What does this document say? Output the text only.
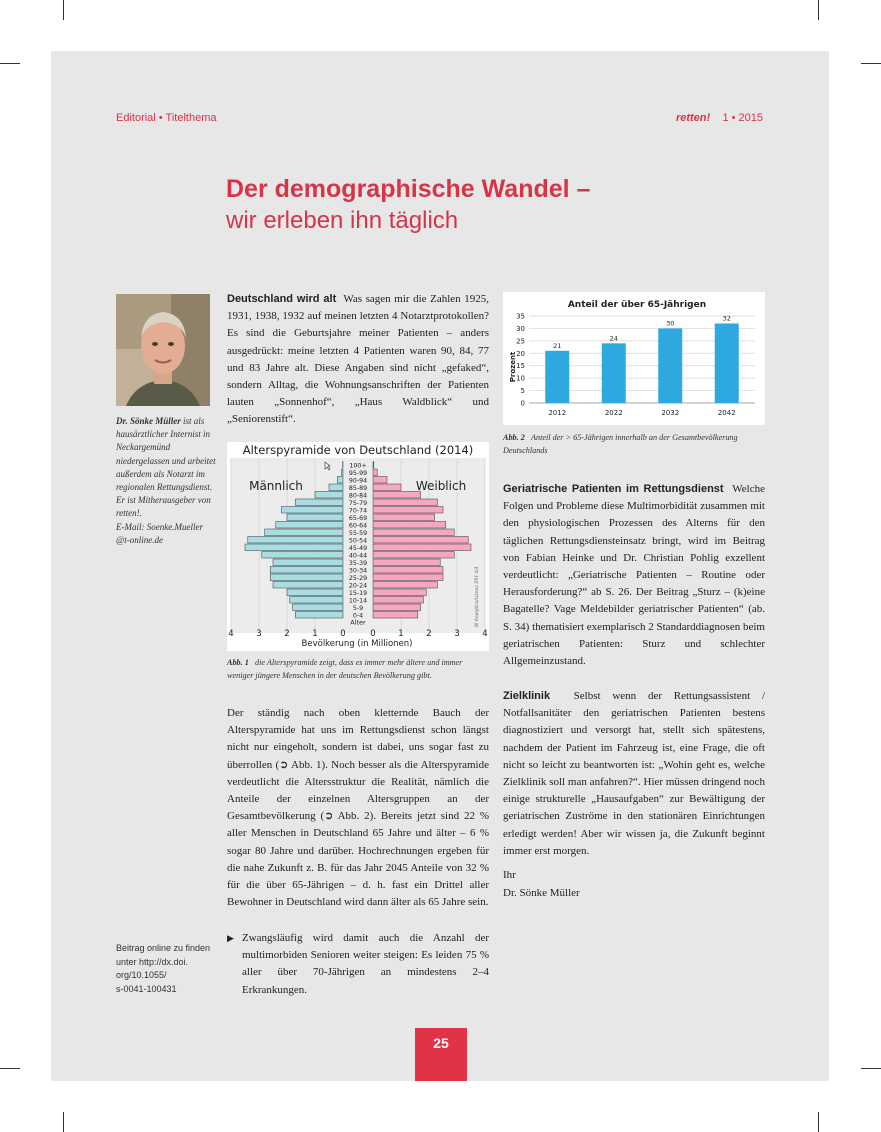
Editorial • Titelthema	retten! 1 • 2015
Der demographische Wandel –
wir erleben ihn täglich
Dr. Sönke Müller ist als hausärztlicher Internist in Neckargemünd niedergelassen und arbeitet außerdem als Notarzt im regionalen Rettungsdienst. Er ist Mitherausgeber von retten!.
E-Mail: Soenke.Mueller
@t-online.de
Beitrag online zu finden
unter http://dx.doi.
org/10.1055/
s-0041-100431
Deutschland wird alt Was sagen mir die Zahlen 1925, 1931, 1938, 1932 auf meinen letzten 4 Notarztprotokollen? Es sind die Geburtsjahre meiner Patienten – anders ausgedrückt: meine letzten 4 Patienten waren 90, 84, 77 und 83 Jahre alt. Diese Angaben sind nicht „gefaked“, sondern Alltag, die Wohnungsanschriften der Patienten lauten „Sonnenhof“, „Haus Waldblick“ und „Seniorenstift“.
Alterspyramide von Deutschland (2014)
Männlich	Weiblich
100+
95-99
90-94
85-89
80-84
75-79
70-74
65-69
60-64
55-59
50-54
45-49
40-44
35-39
30-34
25-29
20-24
15-19
10-14
5-9
0-4
Alter
4	3	2	1	0	0	1	2	3	4
Bevölkerung (in Millionen)
Bl Analytics/Lizenz ZRF 4/4
Abb. 1 die Alterspyramide zeigt, dass es immer mehr ältere und immer weniger jüngere Menschen in der deutschen Bevölkerung gibt.
Der ständig nach oben kletternde Bauch der Alterspyramide hat uns im Rettungsdienst schon längst nicht nur eingeholt, sondern ist dabei, uns sogar fast zu überrollen (➲ Abb. 1). Noch besser als die Alterspyramide verdeutlicht die Altersstruktur die Realität, nämlich die Anteile der einzelnen Altersgruppen an der Gesamtbevölkerung (➲ Abb. 2). Bereits jetzt sind 22 % aller Menschen in Deutschland 65 Jahre und älter – 6 % sogar 80 Jahre und darüber. Hochrechnungen ergeben für die nahe Zukunft z. B. für das Jahr 2045 Anteile von 32 % für die über 65-Jährigen – d. h. fast ein Drittel aller Bewohner in Deutschland wird dann älter als 65 Jahre sein.
▶ Zwangsläufig wird damit auch die Anzahl der multimorbiden Senioren weiter steigen: Es leiden 75 % aller über 70-Jährigen an mindestens 2–4 Erkrankungen.
Anteil der über 65-Jährigen
Prozent
0
5
10
15
20
25
30
35
21
2012
24
2022
30
2032
32
2042
Abb. 2 Anteil der > 65-Jährigen innerhalb an der Gesamtbevölkerung Deutschlands
Geriatrische Patienten im Rettungsdienst Welche Folgen und Probleme diese Multimorbidität zusammen mit den physiologischen Prozessen des Alterns für den täglichen Rettungsdiensteinsatz bringt, wird im Beitrag von Fabian Heinke und Dr. Christian Pohlig exzellent verdeutlicht: „Geriatrische Patienten – Routine oder Herausforderung?“ ab S. 26. Der Beitrag „Sturz – (k)eine Bagatelle? Vage Meldebilder geriatrischer Patienten“ (ab. S. 34) thematisiert exemplarisch 2 Standarddiagnosen beim geriatrischen Patienten: Sturz und schlechter Allgemeinzustand.
Zielklinik Selbst wenn der Rettungsassistent / Notfallsanitäter den geriatrischen Patienten bestens diagnostiziert und versorgt hat, stellt sich spätestens, nachdem der Patient im Fahrzeug ist, eine Frage, die oft nicht so leicht zu beantworten ist: „Wohin geht es, welche Zielklinik soll man anfahren?“. Hier müssen dringend noch einige strukturelle „Hausaufgaben“ zur Bewältigung der geriatrischen Zuströme in den stationären Einrichtungen erledigt werden! Aber wir wissen ja, die Zukunft beginnt immer erst morgen.
Ihr
Dr. Sönke Müller
25
